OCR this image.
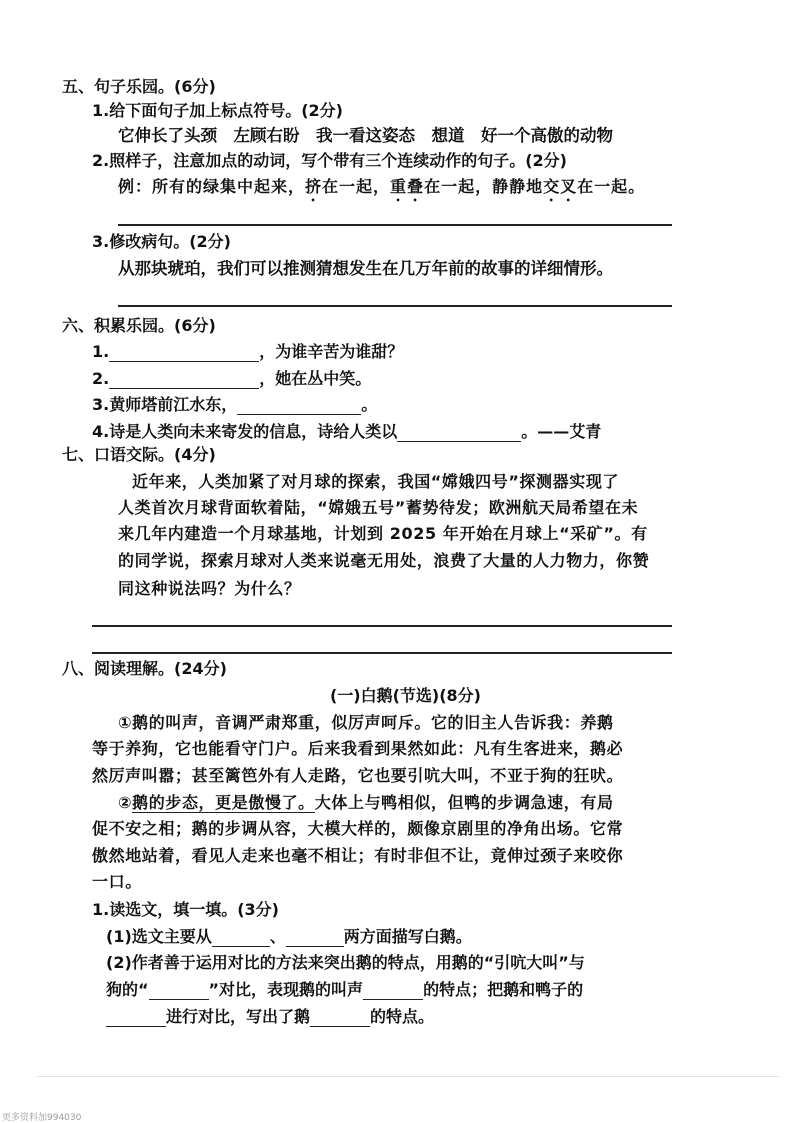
五、句子乐园。(6分)
1.给下面句子加上标点符号。(2分)
它伸长了头颈　左顾右盼　我一看这姿态　想道　好一个高傲的动物
2.照样子，注意加点的动词，写个带有三个连续动作的句子。(2分)
例：所有的绿集中起来，挤在一起，重叠在一起，静静地交叉在一起。
3.修改病句。(2分)
从那块琥珀，我们可以推测猜想发生在几万年前的故事的详细情形。
六、积累乐园。(6分)
1.	，为谁辛苦为谁甜？
2.	，她在丛中笑。
3.黄师塔前江水东，	。
4.诗是人类向未来寄发的信息，诗给人类以	。——艾青
七、口语交际。(4分)
近年来，人类加紧了对月球的探索，我国“嫦娥四号”探测器实现了
人类首次月球背面软着陆，“嫦娥五号”蓄势待发；欧洲航天局希望在未
来几年内建造一个月球基地，计划到 2025 年开始在月球上“采矿”。有
的同学说，探索月球对人类来说毫无用处，浪费了大量的人力物力，你赞
同这种说法吗？为什么？
八、阅读理解。(24分)
(一)白鹅(节选)(8分)
①鹅的叫声，音调严肃郑重，似厉声呵斥。它的旧主人告诉我：养鹅
等于养狗，它也能看守门户。后来我看到果然如此：凡有生客进来，鹅必
然厉声叫嚣；甚至篱笆外有人走路，它也要引吭大叫，不亚于狗的狂吠。
②鹅的步态，更是傲慢了。大体上与鸭相似，但鸭的步调急速，有局
促不安之相；鹅的步调从容，大模大样的，颇像京剧里的净角出场。它常
傲然地站着，看见人走来也毫不相让；有时非但不让，竟伸过颈子来咬你
一口。
1.读选文，填一填。(3分)
(1)选文主要从	、	两方面描写白鹅。
(2)作者善于运用对比的方法来突出鹅的特点，用鹅的“引吭大叫”与
狗的“	”对比，表现鹅的叫声	的特点；把鹅和鸭子的
进行对比，写出了鹅	的特点。
更多资料加994030
